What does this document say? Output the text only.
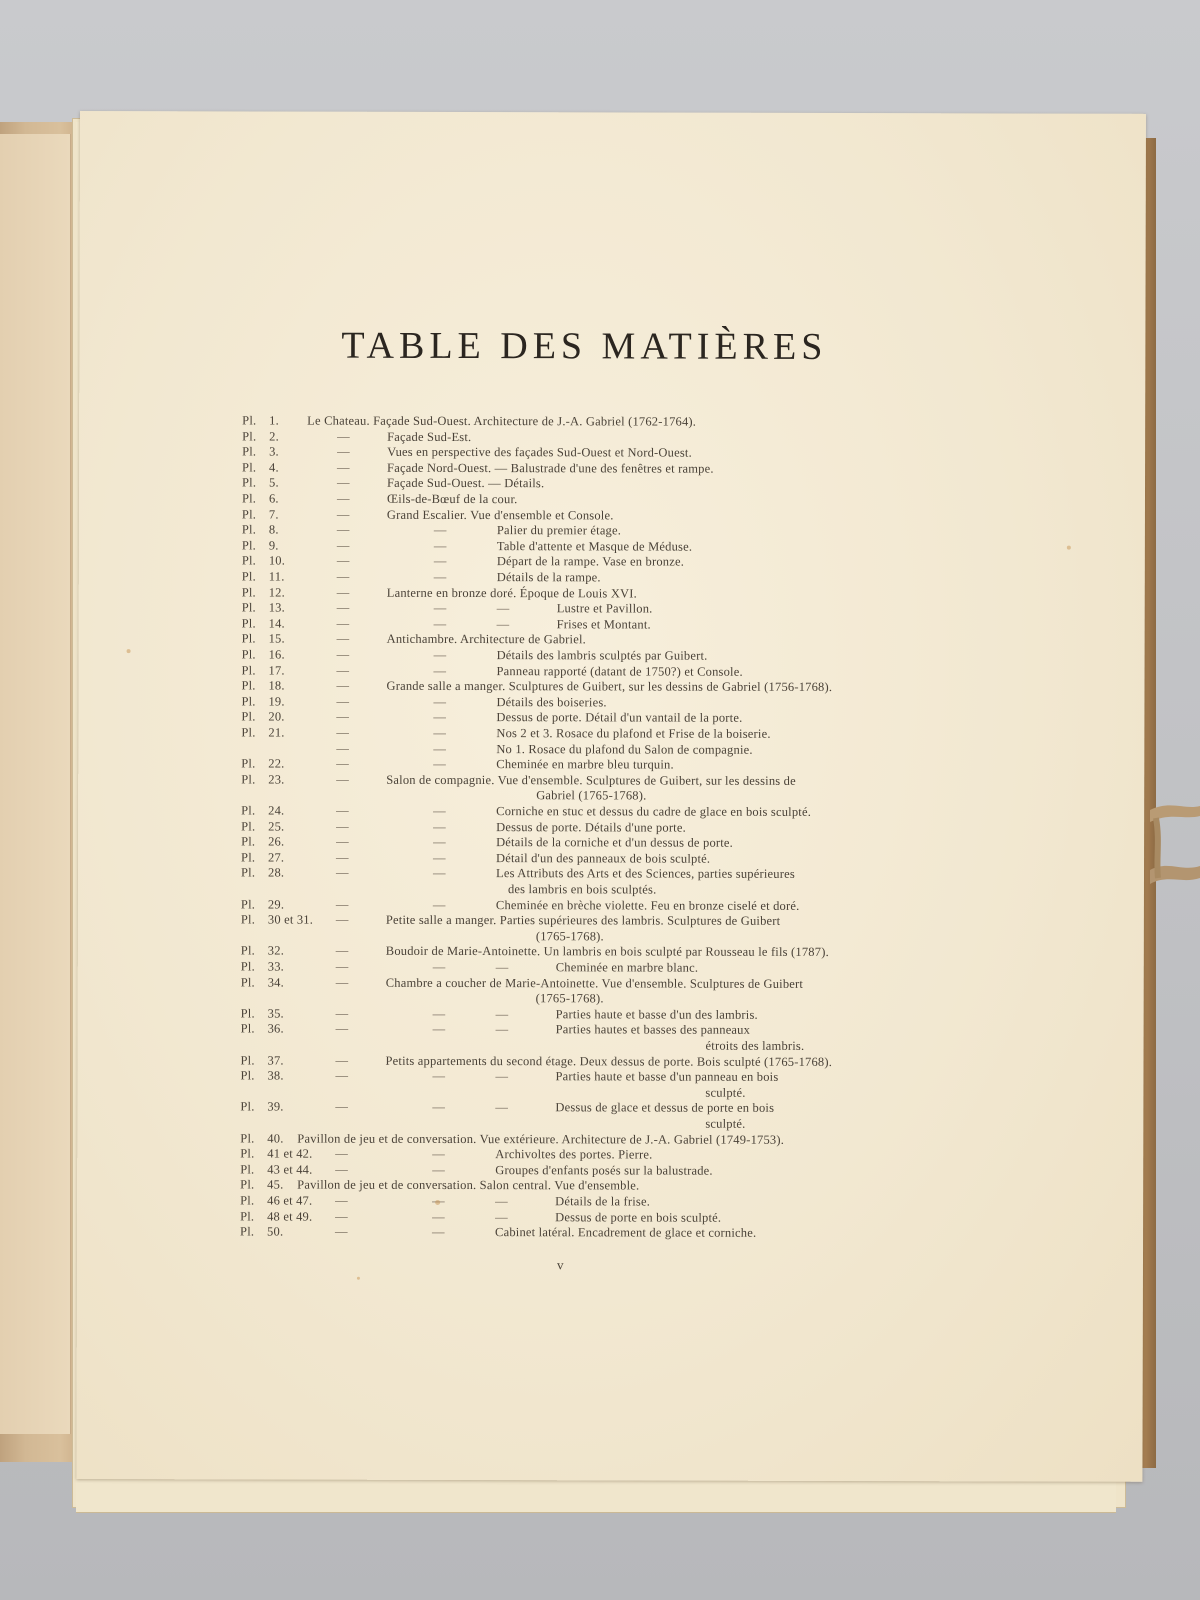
TABLE DES MATIÈRES
Pl. 1. Le Chateau. Façade Sud-Ouest. Architecture de J.-A. Gabriel (1762-1764).
Pl. 2.	—	Façade Sud-Est.
Pl. 3.	—	Vues en perspective des façades Sud-Ouest et Nord-Ouest.
Pl. 4.	—	Façade Nord-Ouest. — Balustrade d'une des fenêtres et rampe.
Pl. 5.	—	Façade Sud-Ouest. — Détails.
Pl. 6.	—	Œils-de-Bœuf de la cour.
Pl. 7.	—	Grand Escalier. Vue d'ensemble et Console.
Pl. 8.	—	—	Palier du premier étage.
Pl. 9.	—	—	Table d'attente et Masque de Méduse.
Pl. 10.	—	—	Départ de la rampe. Vase en bronze.
Pl. 11.	—	—	Détails de la rampe.
Pl. 12.	—	Lanterne en bronze doré. Époque de Louis XVI.
Pl. 13.	—	—	—	Lustre et Pavillon.
Pl. 14.	—	—	—	Frises et Montant.
Pl. 15.	—	Antichambre. Architecture de Gabriel.
Pl. 16.	—	—	Détails des lambris sculptés par Guibert.
Pl. 17.	—	—	Panneau rapporté (datant de 1750?) et Console.
Pl. 18.	—	Grande salle a manger. Sculptures de Guibert, sur les dessins de Gabriel (1756-1768).
Pl. 19.	—	—	Détails des boiseries.
Pl. 20.	—	—	Dessus de porte. Détail d'un vantail de la porte.
Pl. 21.	—	—	Nos 2 et 3. Rosace du plafond et Frise de la boiserie.
—	—	No 1. Rosace du plafond du Salon de compagnie.
Pl. 22.	—	—	Cheminée en marbre bleu turquin.
Pl. 23.	—	Salon de compagnie. Vue d'ensemble. Sculptures de Guibert, sur les dessins de
Gabriel (1765-1768).
Pl. 24.	—	—	Corniche en stuc et dessus du cadre de glace en bois sculpté.
Pl. 25.	—	—	Dessus de porte. Détails d'une porte.
Pl. 26.	—	—	Détails de la corniche et d'un dessus de porte.
Pl. 27.	—	—	Détail d'un des panneaux de bois sculpté.
Pl. 28.	—	—	Les Attributs des Arts et des Sciences, parties supérieures
des lambris en bois sculptés.
Pl. 29.	—	—	Cheminée en brèche violette. Feu en bronze ciselé et doré.
Pl. 30 et 31. —	Petite salle a manger. Parties supérieures des lambris. Sculptures de Guibert
(1765-1768).
Pl. 32.	—	Boudoir de Marie-Antoinette. Un lambris en bois sculpté par Rousseau le fils (1787).
Pl. 33.	—	—	—	Cheminée en marbre blanc.
Pl. 34.	—	Chambre a coucher de Marie-Antoinette. Vue d'ensemble. Sculptures de Guibert
(1765-1768).
Pl. 35.	—	—	—	Parties haute et basse d'un des lambris.
Pl. 36.	—	—	—	Parties hautes et basses des panneaux
étroits des lambris.
Pl. 37.	—	Petits appartements du second étage. Deux dessus de porte. Bois sculpté (1765-1768).
Pl. 38.	—	—	—	Parties haute et basse d'un panneau en bois
sculpté.
Pl. 39.	—	—	—	Dessus de glace et dessus de porte en bois
sculpté.
Pl. 40. Pavillon de jeu et de conversation. Vue extérieure. Architecture de J.-A. Gabriel (1749-1753).
Pl. 41 et 42. —	—	Archivoltes des portes. Pierre.
Pl. 43 et 44. —	—	Groupes d'enfants posés sur la balustrade.
Pl. 45. Pavillon de jeu et de conversation. Salon central. Vue d'ensemble.
Pl. 46 et 47. —	—	—	Détails de la frise.
Pl. 48 et 49. —	—	—	Dessus de porte en bois sculpté.
Pl. 50.	—	—	Cabinet latéral. Encadrement de glace et corniche.
v
